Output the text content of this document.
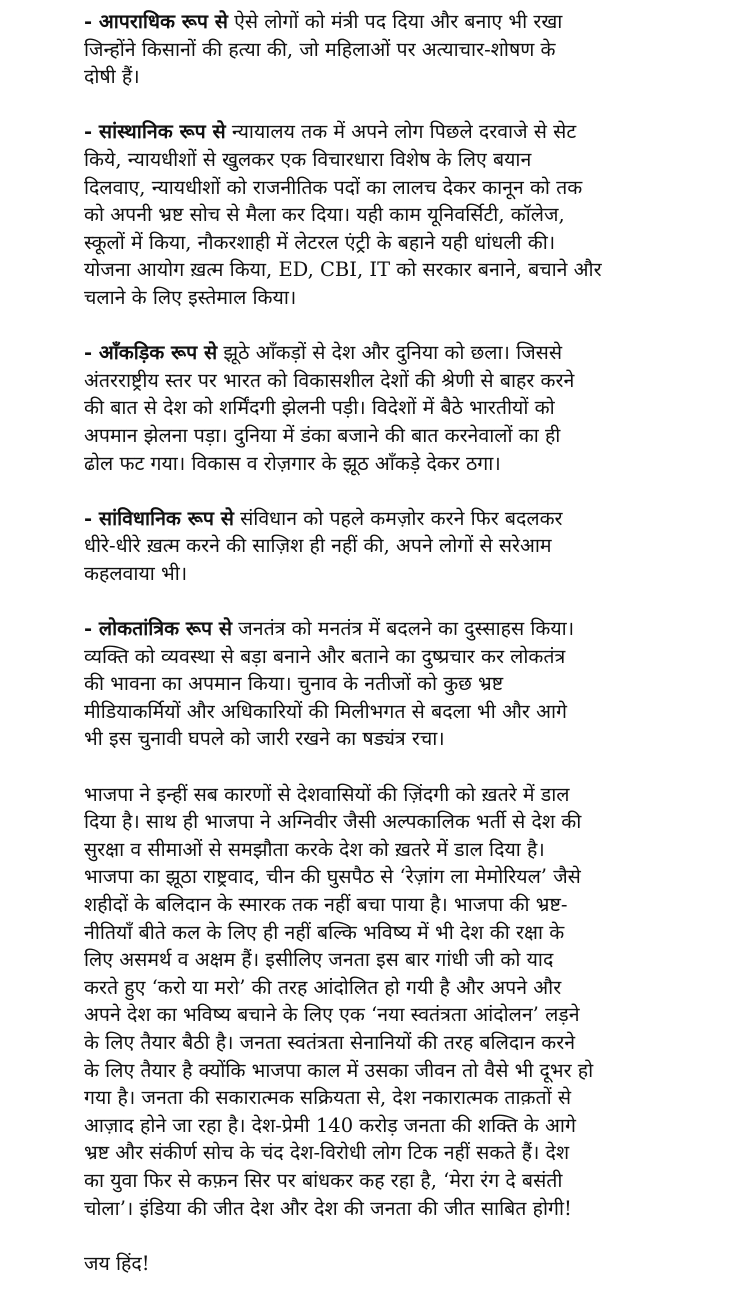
- आपराधिक रूप से ऐसे लोगों को मंत्री पद दिया और बनाए भी रखा
जिन्होंने किसानों की हत्या की, जो महिलाओं पर अत्याचार-शोषण के
दोषी हैं।

- सांस्थानिक रूप से न्यायालय तक में अपने लोग पिछले दरवाजे से सेट
किये, न्यायधीशों से खुलकर एक विचारधारा विशेष के लिए बयान
दिलवाए, न्यायधीशों को राजनीतिक पदों का लालच देकर कानून को तक
को अपनी भ्रष्ट सोच से मैला कर दिया। यही काम यूनिवर्सिटी, कॉलेज,
स्कूलों में किया, नौकरशाही में लेटरल एंट्री के बहाने यही धांधली की।
योजना आयोग ख़त्म किया, ED, CBI, IT को सरकार बनाने, बचाने और
चलाने के लिए इस्तेमाल किया।

- आँकड़िक रूप से झूठे आँकड़ों से देश और दुनिया को छला। जिससे
अंतरराष्ट्रीय स्तर पर भारत को विकासशील देशों की श्रेणी से बाहर करने
की बात से देश को शर्मिंदगी झेलनी पड़ी। विदेशों में बैठे भारतीयों को
अपमान झेलना पड़ा। दुनिया में डंका बजाने की बात करनेवालों का ही
ढोल फट गया। विकास व रोज़गार के झूठ आँकड़े देकर ठगा।

- सांविधानिक रूप से संविधान को पहले कमज़ोर करने फिर बदलकर
धीरे-धीरे ख़त्म करने की साज़िश ही नहीं की, अपने लोगों से सरेआम
कहलवाया भी।

- लोकतांत्रिक रूप से जनतंत्र को मनतंत्र में बदलने का दुस्साहस किया।
व्यक्ति को व्यवस्था से बड़ा बनाने और बताने का दुष्प्रचार कर लोकतंत्र
की भावना का अपमान किया। चुनाव के नतीजों को कुछ भ्रष्ट
मीडियाकर्मियों और अधिकारियों की मिलीभगत से बदला भी और आगे
भी इस चुनावी घपले को जारी रखने का षड्यंत्र रचा।

भाजपा ने इन्हीं सब कारणों से देशवासियों की ज़िंदगी को ख़तरे में डाल
दिया है। साथ ही भाजपा ने अग्निवीर जैसी अल्पकालिक भर्ती से देश की
सुरक्षा व सीमाओं से समझौता करके देश को ख़तरे में डाल दिया है।
भाजपा का झूठा राष्ट्रवाद, चीन की घुसपैठ से ‘रेज़ांग ला मेमोरियल’ जैसे
शहीदों के बलिदान के स्मारक तक नहीं बचा पाया है। भाजपा की भ्रष्ट-
नीतियाँ बीते कल के लिए ही नहीं बल्कि भविष्य में भी देश की रक्षा के
लिए असमर्थ व अक्षम हैं। इसीलिए जनता इस बार गांधी जी को याद
करते हुए ‘करो या मरो’ की तरह आंदोलित हो गयी है और अपने और
अपने देश का भविष्य बचाने के लिए एक ‘नया स्वतंत्रता आंदोलन’ लड़ने
के लिए तैयार बैठी है। जनता स्वतंत्रता सेनानियों की तरह बलिदान करने
के लिए तैयार है क्योंकि भाजपा काल में उसका जीवन तो वैसे भी दूभर हो
गया है। जनता की सकारात्मक सक्रियता से, देश नकारात्मक ताक़तों से
आज़ाद होने जा रहा है। देश-प्रेमी 140 करोड़ जनता की शक्ति के आगे
भ्रष्ट और संकीर्ण सोच के चंद देश-विरोधी लोग टिक नहीं सकते हैं। देश
का युवा फिर से कफ़न सिर पर बांधकर कह रहा है, ‘मेरा रंग दे बसंती
चोला’। इंडिया की जीत देश और देश की जनता की जीत साबित होगी!

जय हिंद!
